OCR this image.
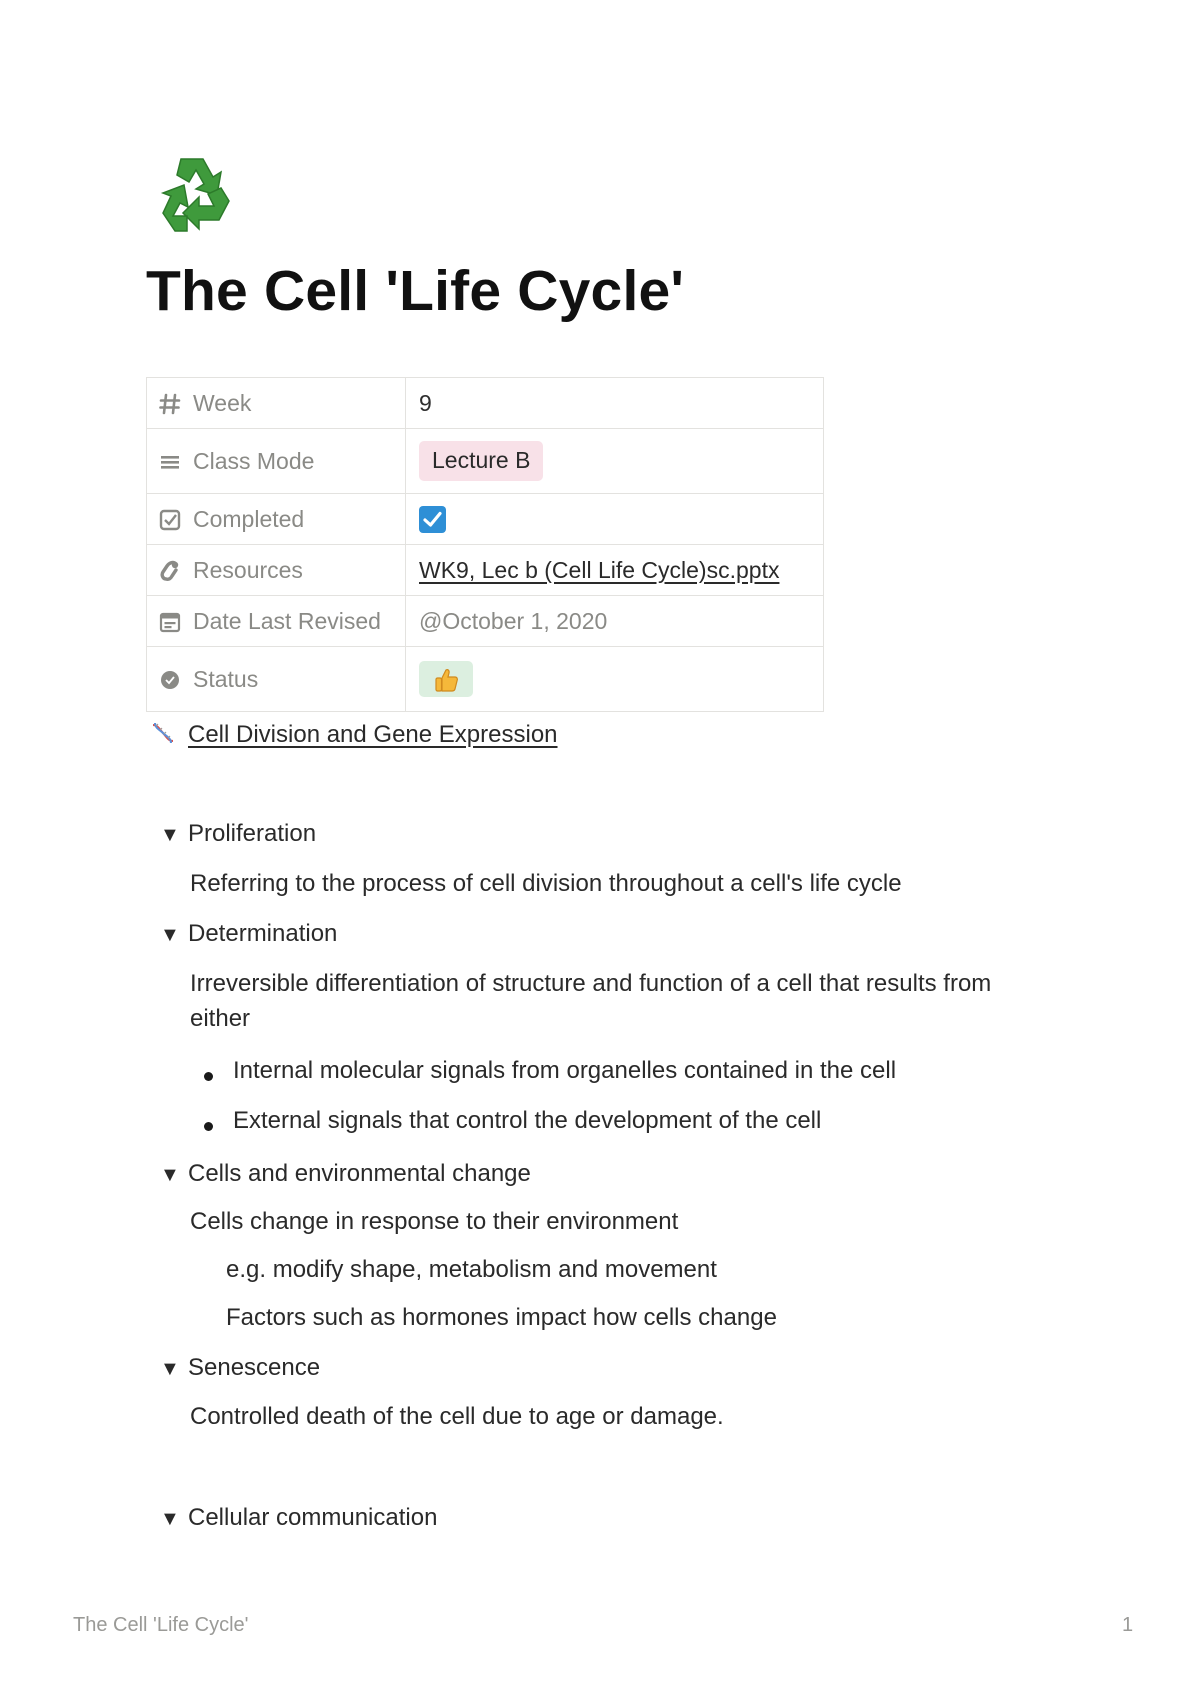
The Cell 'Life Cycle'
Week	9
Class Mode	Lecture B
Completed	

Resources	WK9, Lec b (Cell Life Cycle)sc.pptx
Date Last Revised	@October 1, 2020
Status	
Cell Division and Gene Expression
▼ Proliferation
Referring to the process of cell division throughout a cell's life cycle
▼ Determination
Irreversible differentiation of structure and function of a cell that results from
either
Internal molecular signals from organelles contained in the cell
External signals that control the development of the cell
▼ Cells and environmental change
Cells change in response to their environment
e.g. modify shape, metabolism and movement
Factors such as hormones impact how cells change
▼ Senescence
Controlled death of the cell due to age or damage.
▼ Cellular communication
The Cell 'Life Cycle'	1
